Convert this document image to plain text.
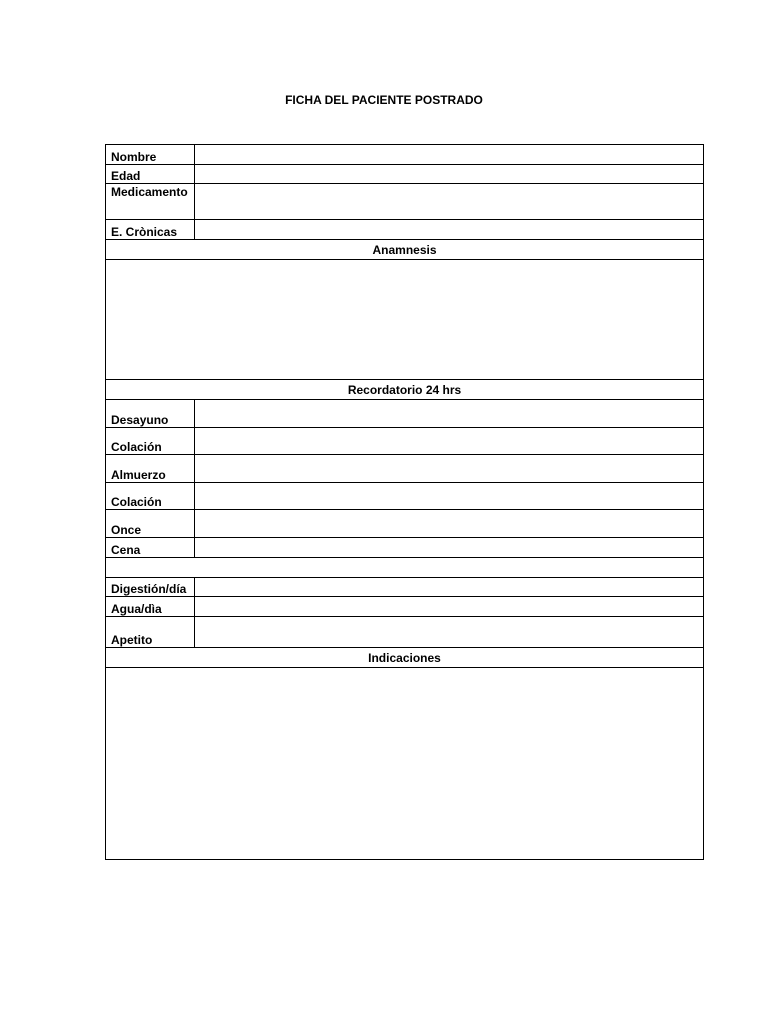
FICHA DEL PACIENTE POSTRADO
Nombre	
Edad	
Medicamento	
E. Crònicas	
Anamnesis	

Recordatorio 24 hrs	
Desayuno	
Colación	
Almuerzo	
Colación	
Once	
Cena	

Digestión/día	
Agua/dìa	
Apetito	
Indicaciones	
